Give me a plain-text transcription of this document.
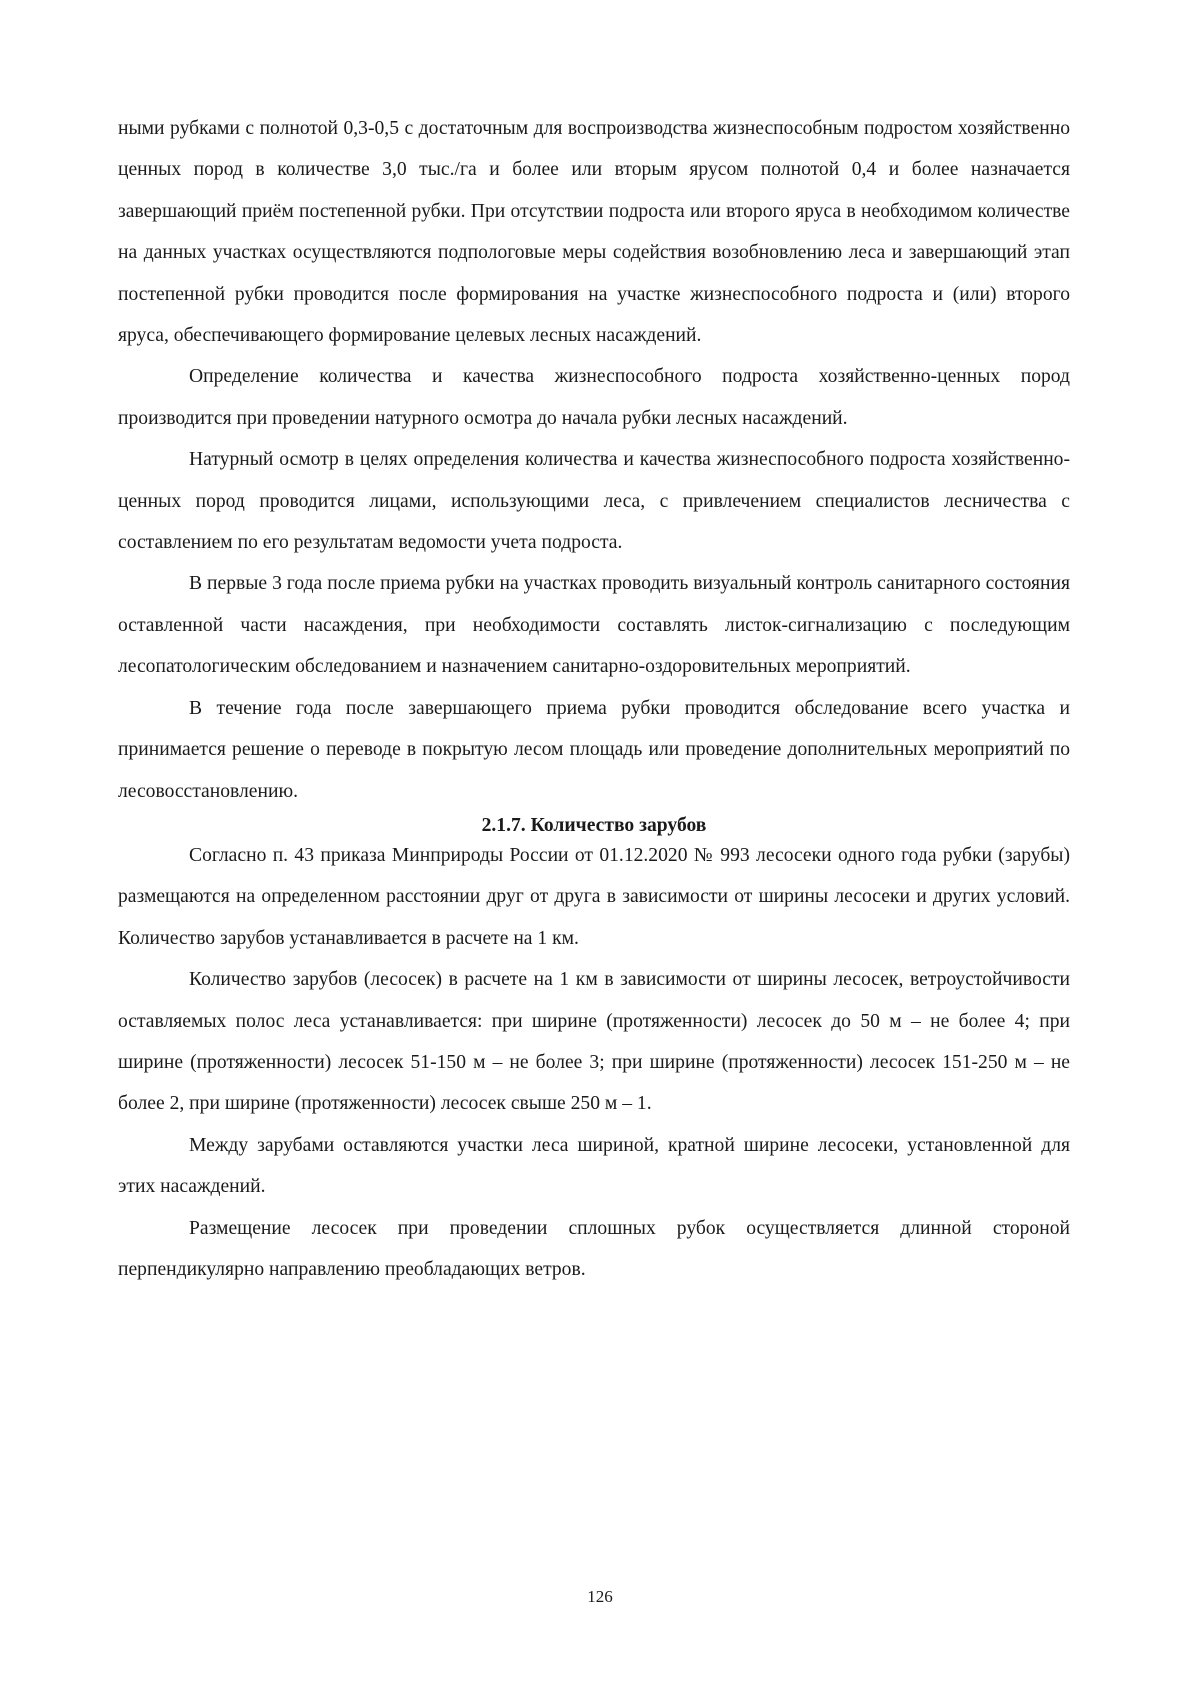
ными рубками с полнотой 0,3-0,5 с достаточным для воспроизводства жизнеспособным подростом хозяйственно ценных пород в количестве 3,0 тыс./га и более или вторым ярусом полнотой 0,4 и более назначается завершающий приём постепенной рубки. При отсутствии подроста или второго яруса в необходимом количестве на данных участках осуществляются подпологовые меры содействия возобновлению леса и завершающий этап постепенной рубки проводится после формирования на участке жизнеспособного подроста и (или) второго яруса, обеспечивающего формирование целевых лесных насаждений.

Определение количества и качества жизнеспособного подроста хозяйственно-ценных пород производится при проведении натурного осмотра до начала рубки лесных насаждений.

Натурный осмотр в целях определения количества и качества жизнеспособного подроста хозяйственно-ценных пород проводится лицами, использующими леса, с привлечением специалистов лесничества с составлением по его результатам ведомости учета подроста.

В первые 3 года после приема рубки на участках проводить визуальный контроль санитарного состояния оставленной части насаждения, при необходимости составлять листок-сигнализацию с последующим лесопатологическим обследованием и назначением санитарно-оздоровительных мероприятий.

В течение года после завершающего приема рубки проводится обследование всего участка и принимается решение о переводе в покрытую лесом площадь или проведение дополнительных мероприятий по лесовосстановлению.

2.1.7. Количество зарубов

Согласно п. 43 приказа Минприроды России от 01.12.2020 № 993 лесосеки одного года рубки (зарубы) размещаются на определенном расстоянии друг от друга в зависимости от ширины лесосеки и других условий. Количество зарубов устанавливается в расчете на 1 км.

Количество зарубов (лесосек) в расчете на 1 км в зависимости от ширины лесосек, ветроустойчивости оставляемых полос леса устанавливается: при ширине (протяженности) лесосек до 50 м – не более 4; при ширине (протяженности) лесосек 51-150 м – не более 3; при ширине (протяженности) лесосек 151-250 м – не более 2, при ширине (протяженности) лесосек свыше 250 м – 1.

Между зарубами оставляются участки леса шириной, кратной ширине лесосеки, установленной для этих насаждений.

Размещение лесосек при проведении сплошных рубок осуществляется длинной стороной перпендикулярно направлению преобладающих ветров.

126
